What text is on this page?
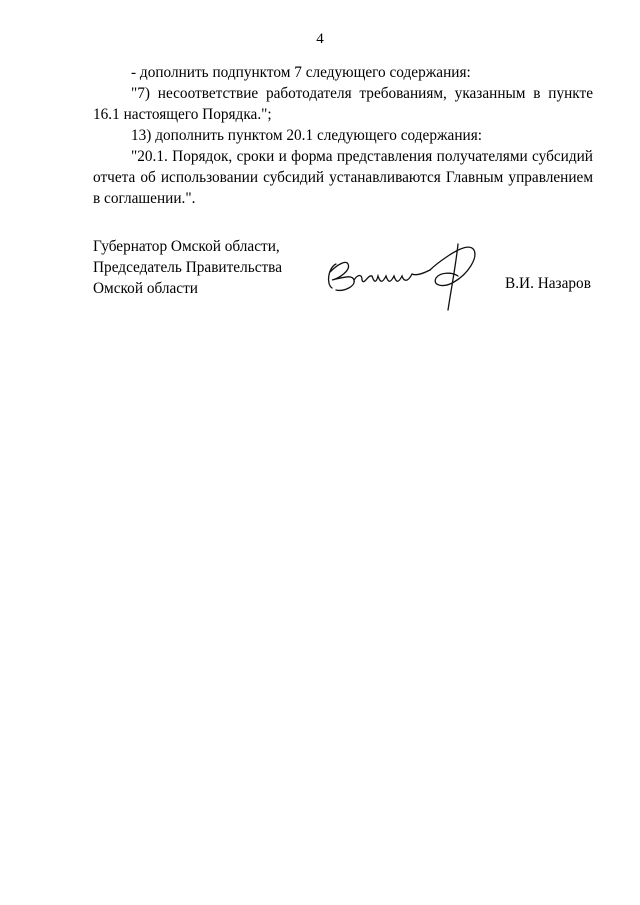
4

- дополнить подпунктом 7 следующего содержания:

"7) несоответствие работодателя требованиям, указанным в пункте 16.1 настоящего Порядка.";

13) дополнить пунктом 20.1 следующего содержания:

"20.1. Порядок, сроки и форма представления получателями субсидий отчета об использовании субсидий устанавливаются Главным управлением в соглашении.".

Губернатор Омской области,
Председатель Правительства
Омской области	В.И. Назаров
